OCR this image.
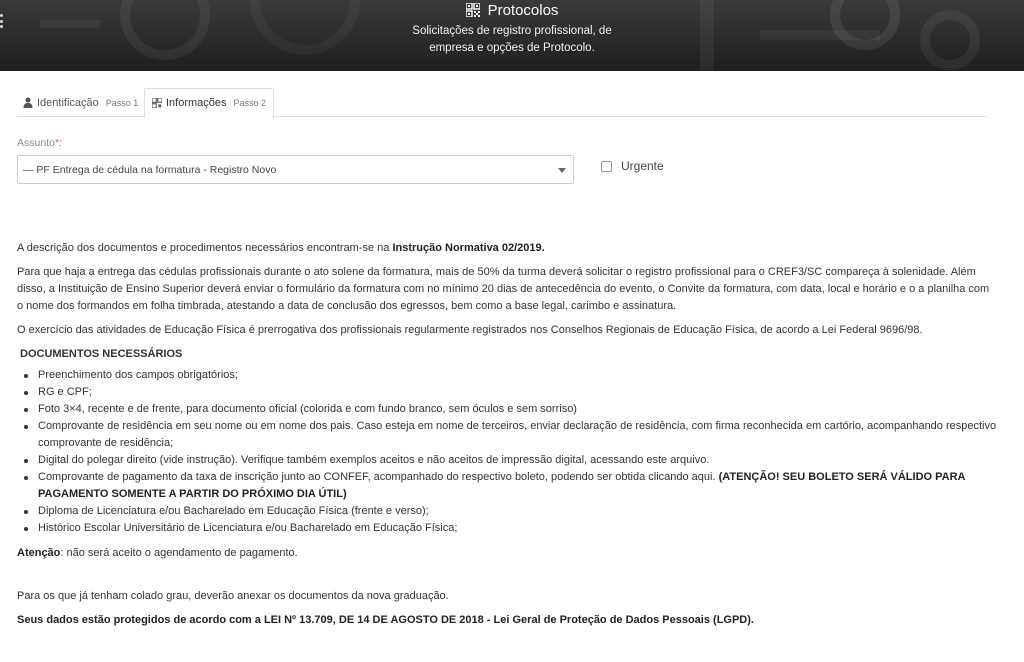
Protocolos
Solicitações de registro profissional, de
empresa e opções de Protocolo.
Identificação Passo 1	Informações Passo 2
Assunto*:
— PF Entrega de cédula na formatura - Registro Novo	Urgente

A descrição dos documentos e procedimentos necessários encontram-se na Instrução Normativa 02/2019.

Para que haja a entrega das cédulas profissionais durante o ato solene da formatura, mais de 50% da turma deverá solicitar o registro profissional para o CREF3/SC compareça à solenidade. Além disso, a Instituição de Ensino Superior deverá enviar o formulário da formatura com no mínimo 20 dias de antecedência do evento, o Convite da formatura, com data, local e horário e o a planilha com o nome dos formandos em folha timbrada, atestando a data de conclusão dos egressos, bem como a base legal, carimbo e assinatura.

O exercício das atividades de Educação Física é prerrogativa dos profissionais regularmente registrados nos Conselhos Regionais de Educação Física, de acordo a Lei Federal 9696/98.

DOCUMENTOS NECESSÁRIOS
Preenchimento dos campos obrigatórios;
RG e CPF;
Foto 3×4, recente e de frente, para documento oficial (colorida e com fundo branco, sem óculos e sem sorriso)
Comprovante de residência em seu nome ou em nome dos pais. Caso esteja em nome de terceiros, enviar declaração de residência, com firma reconhecida em cartório, acompanhando respectivo comprovante de residência;
Digital do polegar direito (vide instrução). Verifique também exemplos aceitos e não aceitos de impressão digital, acessando este arquivo.
Comprovante de pagamento da taxa de inscrição junto ao CONFEF, acompanhado do respectivo boleto, podendo ser obtida clicando aqui. (ATENÇÃO! SEU BOLETO SERÁ VÁLIDO PARA PAGAMENTO SOMENTE A PARTIR DO PRÓXIMO DIA ÚTIL)
Diploma de Licenciatura e/ou Bacharelado em Educação Física (frente e verso);
Histórico Escolar Universitário de Licenciatura e/ou Bacharelado em Educação Física;

Atenção: não será aceito o agendamento de pagamento.

Para os que já tenham colado grau, deverão anexar os documentos da nova graduação.

Seus dados estão protegidos de acordo com a LEI Nº 13.709, DE 14 DE AGOSTO DE 2018 - Lei Geral de Proteção de Dados Pessoais (LGPD).
